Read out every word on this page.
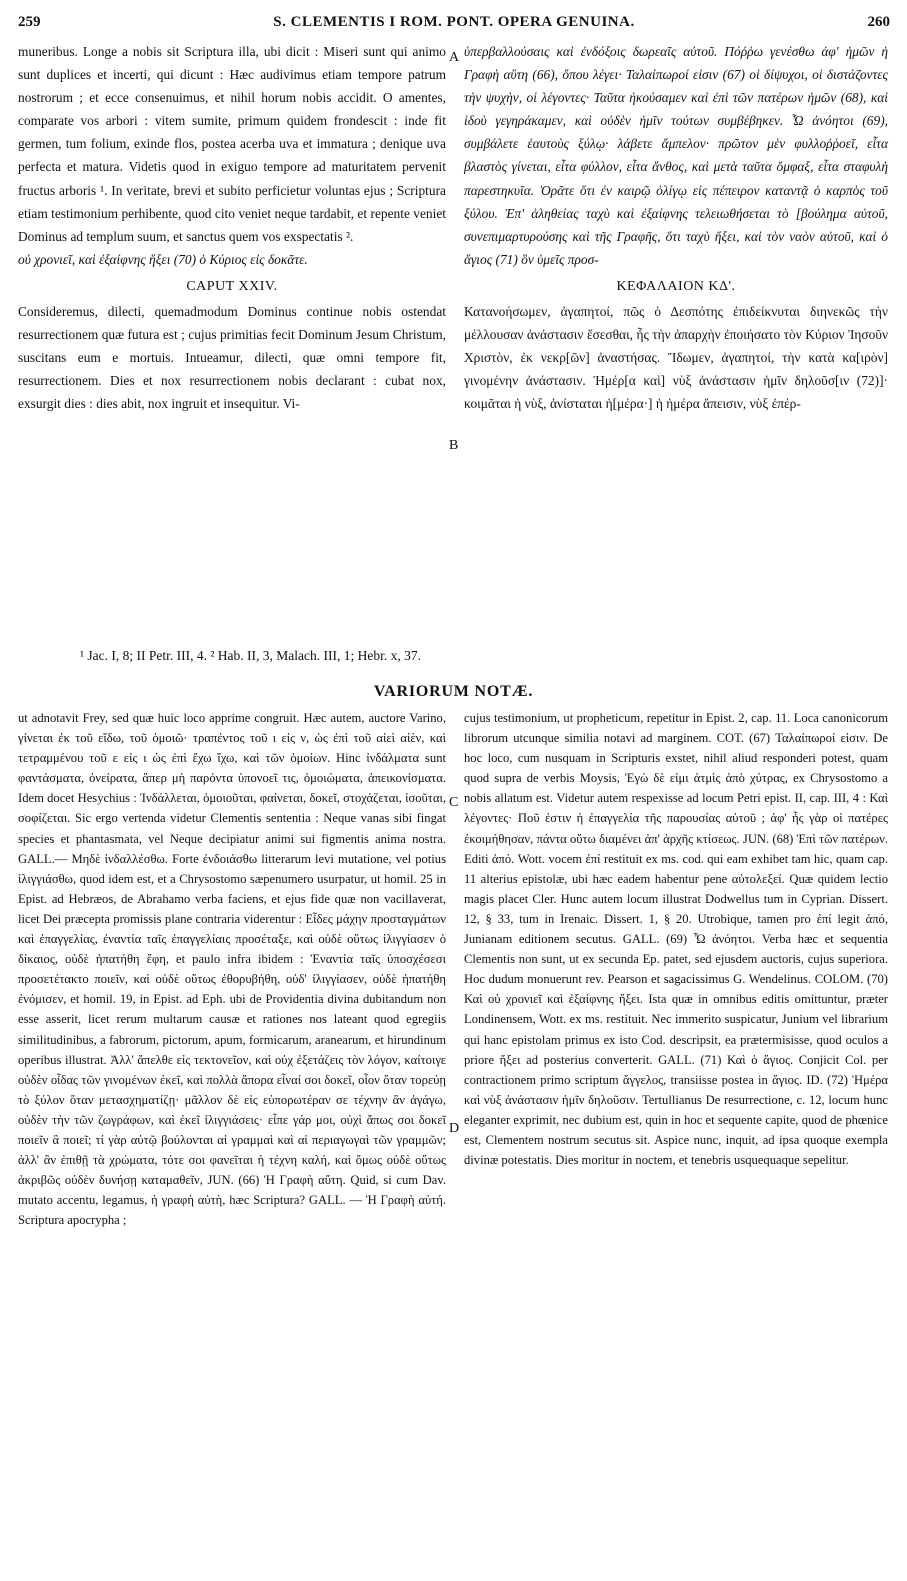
259	S. CLEMENTIS I ROM. PONT. OPERA GENUINA.	260
A
B
C
D

muneribus. Longe a nobis sit Scriptura illa, ubi dicit : Miseri sunt qui animo sunt duplices et incerti, qui dicunt : Hæc audivimus etiam tempore patrum nostrorum ; et ecce consenuimus, et nihil horum nobis accidit. O amentes, comparate vos arbori : vitem sumite, primum quidem frondescit : inde fit germen, tum folium, exinde flos, postea acerba uva et immatura ; denique uva perfecta et matura. Videtis quod in exiguo tempore ad maturitatem pervenit fructus arboris ¹. In veritate, brevi et subito perficietur voluntas ejus ; Scriptura etiam testimonium perhibente, quod cito veniet neque tardabit, et repente veniet Dominus ad templum suum, et sanctus quem vos exspectatis ².

οὐ χρονιεῖ, καὶ ἐξαίφνης ἥξει (70) ὁ Κύριος εἰς δοκᾶτε.

CAPUT XXIV.

Consideremus, dilecti, quemadmodum Dominus continue nobis ostendat resurrectionem quæ futura est ; cujus primitias fecit Dominum Jesum Christum, suscitans eum e mortuis. Intueamur, dilecti, quæ omni tempore fit, resurrectionem. Dies et nox resurrectionem nobis declarant : cubat nox, exsurgit dies : dies abit, nox ingruit et insequitur. Vi-

ὑπερβαλλούσαις καὶ ἐνδόξοις δωρεαῖς αὐτοῦ. Πόῤῥω γενέσθω ἀφ' ἡμῶν ἡ Γραφὴ αὕτη (66), ὅπου λέγει· Ταλαίπωροί εἰσιν (67) οἱ δίψυχοι, οἱ διστάζοντες τὴν ψυχὴν, οἱ λέγοντες· Ταῦτα ἠκούσαμεν καὶ ἐπὶ τῶν πατέρων ἡμῶν (68), καὶ ἰδοὺ γεγηράκαμεν, καὶ οὐδὲν ἡμῖν τούτων συμβέβηκεν. Ὦ ἀνόητοι (69), συμβάλετε ἑαυτοὺς ξύλῳ· λάβετε ἄμπελον· πρῶτον μὲν φυλλοῤῥοεῖ, εἶτα βλαστὸς γίνεται, εἶτα φύλλον, εἶτα ἄνθος, καὶ μετὰ ταῦτα ὄμφαξ, εἶτα σταφυλὴ παρεστηκυῖα. Ὁρᾶτε ὅτι ἐν καιρῷ ὀλίγῳ εἰς πέπειρον καταντᾷ ὁ καρπὸς τοῦ ξύλου. Ἐπ' ἀληθείας ταχὺ καὶ ἐξαίφνης τελειωθήσεται τὸ [βούλημα αὐτοῦ, συνεπιμαρτυρούσης καὶ τῆς Γραφῆς, ὅτι ταχὺ ἥξει, καὶ τὸν ναὸν αὐτοῦ, καὶ ὁ ἅγιος (71) ὃν ὑμεῖς προσ-

ΚΕΦΑΛΑΙΟΝ ΚΔ'.

Κατανοήσωμεν, ἀγαπητοί, πῶς ὁ Δεσπότης ἐπιδείκνυται διηνεκῶς τὴν μέλλουσαν ἀνάστασιν ἔσεσθαι, ἧς τὴν ἀπαρχὴν ἐποιήσατο τὸν Κύριον Ἰησοῦν Χριστὸν, ἐκ νεκρ[ῶν] ἀναστήσας. Ἴδωμεν, ἀγαπητοί, τὴν κατὰ κα[ιρὸν] γινομένην ἀνάστασιν. Ἡμέρ[α καὶ] νὺξ ἀνάστασιν ἡμῖν δηλοῦσ[ιν (72)]· κοιμᾶται ἡ νὺξ, ἀνίσταται ἡ[μέρα·] ἡ ἡμέρα ἄπεισιν, νὺξ ἐπέρ-

¹ Jac. I, 8; II Petr. III, 4. ² Hab. II, 3, Malach. III, 1; Hebr. x, 37.
VARIORUM NOTÆ.

ut adnotavit Frey, sed quæ huic loco apprime congruit. Hæc autem, auctore Varino, γίνεται ἐκ τοῦ εἴδω, τοῦ ὁμοιῶ· τραπέντος τοῦ ι εἰς ν, ὡς ἐπὶ τοῦ αἰεὶ αἰὲν, καὶ τετραμμένου τοῦ ε εἰς ι ὡς ἐπὶ ἔχω ἴχω, καὶ τῶν ὁμοίων. Hinc ἰνδάλματα sunt φαντάσματα, ὀνείρατα, ἅπερ μὴ παρόντα ὑπονοεῖ τις, ὁμοιώματα, ἀπεικονίσματα. Idem docet Hesychius : Ἰνδάλλεται, ὁμοιοῦται, φαίνεται, δοκεῖ, στοχάζεται, ἰσοῦται, σοφίζεται. Sic ergo vertenda videtur Clementis sententia : Neque vanas sibi fingat species et phantasmata, vel Neque decipiatur animi sui figmentis anima nostra. GALL.— Μηδὲ ἰνδαλλέσθω. Forte ἐνδοιάσθω litterarum levi mutatione, vel potius ἰλιγγιάσθω, quod idem est, et a Chrysostomo sæpenumero usurpatur, ut homil. 25 in Epist. ad Hebræos, de Abrahamo verba faciens, et ejus fide quæ non vacillaverat, licet Dei præcepta promissis plane contraria viderentur : Εἶδες μάχην προσταγμάτων καὶ ἐπαγγελίας, ἐναντία ταῖς ἐπαγγελίαις προσέταξε, καὶ οὐδὲ οὕτως ἰλιγγίασεν ὁ δίκαιος, οὐδὲ ἠπατήθη ἔφη, et paulo infra ibidem : Ἐναντία ταῖς ὑποσχέσεσι προσετέτακτο ποιεῖν, καὶ οὐδὲ οὕτως ἐθορυβήθη, οὐδ' ἰλιγγίασεν, οὐδὲ ἠπατήθη ἐνόμισεν, et homil. 19, in Epist. ad Eph. ubi de Providentia divina dubitandum non esse asserit, licet rerum multarum causæ et rationes nos lateant quod egregiis similitudinibus, a fabrorum, pictorum, apum, formicarum, aranearum, et hirundinum operibus illustrat. Ἀλλ' ἄπελθε εἰς τεκτονεῖον, καὶ οὐχ ἐξετάζεις τὸν λόγον, καίτοιγε οὐδὲν οἶδας τῶν γινομένων ἐκεῖ, καὶ πολλὰ ἄπορα εἶναί σοι δοκεῖ, οἷον ὅταν τορεύῃ τὸ ξύλον ὅταν μετασχηματίζῃ· μᾶλλον δὲ εἰς εὐπορωτέραν σε τέχνην ἂν ἀγάγω, οὐδὲν τὴν τῶν ζωγράφων, καὶ ἐκεῖ ἰλιγγιάσεις· εἶπε γάρ μοι, οὐχὶ ἄπως σοι δοκεῖ ποιεῖν ἃ ποιεῖ; τί γὰρ αὐτῷ βούλονται αἱ γραμμαὶ καὶ αἱ περιαγωγαὶ τῶν γραμμῶν; ἀλλ' ἂν ἐπιθῇ τὰ χρώματα, τότε σοι φανεῖται ἡ τέχνη καλή, καὶ ὅμως οὐδὲ οὕτως ἀκριβῶς οὐδὲν δυνήσῃ καταμαθεῖν, JUN. (66) Ἡ Γραφὴ αὕτη. Quid, si cum Dav. mutato accentu, legamus, ἡ γραφὴ αὐτὴ, hæc Scriptura? GALL. — Ἡ Γραφὴ αὐτή. Scriptura apocrypha ;

cujus testimonium, ut propheticum, repetitur in Epist. 2, cap. 11. Loca canonicorum librorum utcunque similia notavi ad marginem. COT. (67) Ταλαίπωροί εἰσιν. De hoc loco, cum nusquam in Scripturis exstet, nihil aliud responderi potest, quam quod supra de verbis Moysis, Ἐγὼ δὲ εἰμι ἀτμὶς ἀπὸ χύτρας, ex Chrysostomo a nobis allatum est. Videtur autem respexisse ad locum Petri epist. II, cap. III, 4 : Καὶ λέγοντες· Ποῦ ἐστιν ἡ ἐπαγγελία τῆς παρουσίας αὐτοῦ ; ἀφ' ἧς γὰρ οἱ πατέρες ἐκοιμήθησαν, πάντα οὕτω διαμένει ἀπ' ἀρχῆς κτίσεως. JUN. (68) Ἐπὶ τῶν πατέρων. Editi ἀπό. Wott. vocem ἐπί restituit ex ms. cod. qui eam exhibet tam hic, quam cap. 11 alterius epistolæ, ubi hæc eadem habentur pene αὐτολεξεί. Quæ quidem lectio magis placet Cler. Hunc autem locum illustrat Dodwellus tum in Cyprian. Dissert. 12, § 33, tum in Irenaic. Dissert. 1, § 20. Utrobique, tamen pro ἐπί legit ἀπό, Junianam editionem secutus. GALL. (69) Ὦ ἀνόητοι. Verba hæc et sequentia Clementis non sunt, ut ex secunda Ep. patet, sed ejusdem auctoris, cujus superiora. Hoc dudum monuerunt rev. Pearson et sagacissimus G. Wendelinus. COLOM. (70) Καὶ οὐ χρονιεῖ καὶ ἐξαίφνης ἥξει. Ista quæ in omnibus editis omittuntur, præter Londinensem, Wott. ex ms. restituit. Nec immerito suspicatur, Junium vel librarium qui hanc epistolam primus ex isto Cod. descripsit, ea prætermisisse, quod oculos a priore ἥξει ad posterius converterit. GALL. (71) Καὶ ὁ ἅγιος. Conjicit Col. per contractionem primo scriptum ἄγγελος, transiisse postea in ἅγιος. ID. (72) Ἡμέρα καὶ νὺξ ἀνάστασιν ἡμῖν δηλοῦσιν. Tertullianus De resurrectione, c. 12, locum hunc eleganter exprimit, nec dubium est, quin in hoc et sequente capite, quod de phœnice est, Clementem nostrum secutus sit. Aspice nunc, inquit, ad ipsa quoque exempla divinæ potestatis. Dies moritur in noctem, et tenebris usquequaque sepelitur.
